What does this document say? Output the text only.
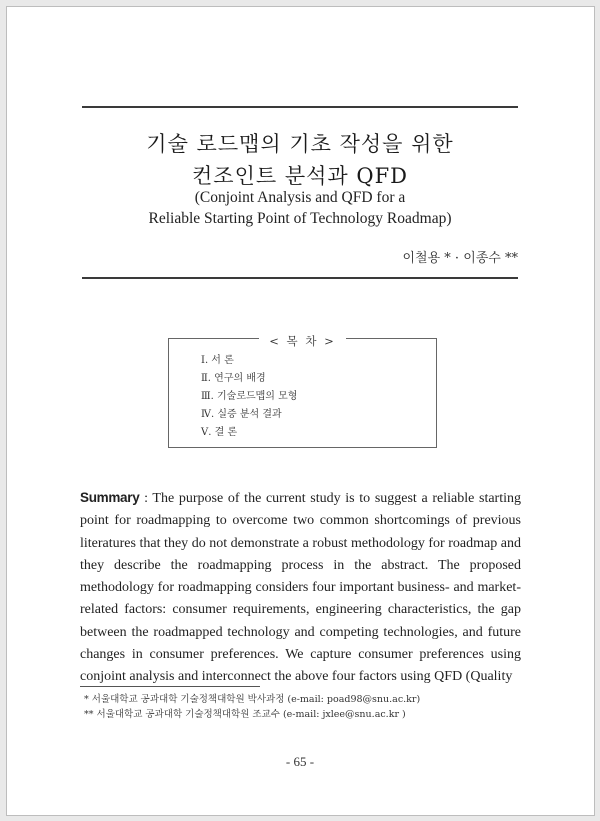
기술 로드맵의 기초 작성을 위한
컨조인트 분석과 QFD
(Conjoint Analysis and QFD for a
Reliable Starting Point of Technology Roadmap)
이철용 * · 이종수 **
< 목 차 >
Ⅰ. 서 론
Ⅱ. 연구의 배경
Ⅲ. 기술로드맵의 모형
Ⅳ. 실증 분석 결과
Ⅴ. 결 론

Summary : The purpose of the current study is to suggest a reliable starting point for roadmapping to overcome two common shortcomings of previous literatures that they do not demonstrate a robust methodology for roadmap and they describe the roadmapping process in the abstract. The proposed methodology for roadmapping considers four important business- and market-related factors: consumer requirements, engineering characteristics, the gap between the roadmapped technology and competing technologies, and future changes in consumer preferences. We capture consumer preferences using conjoint analysis and interconnect the above four factors using QFD (Quality

* 서울대학교 공과대학 기술정책대학원 박사과정 (e-mail: poad98@snu.ac.kr)
** 서울대학교 공과대학 기술정책대학원 조교수 (e-mail: jxlee@snu.ac.kr )
- 65 -
